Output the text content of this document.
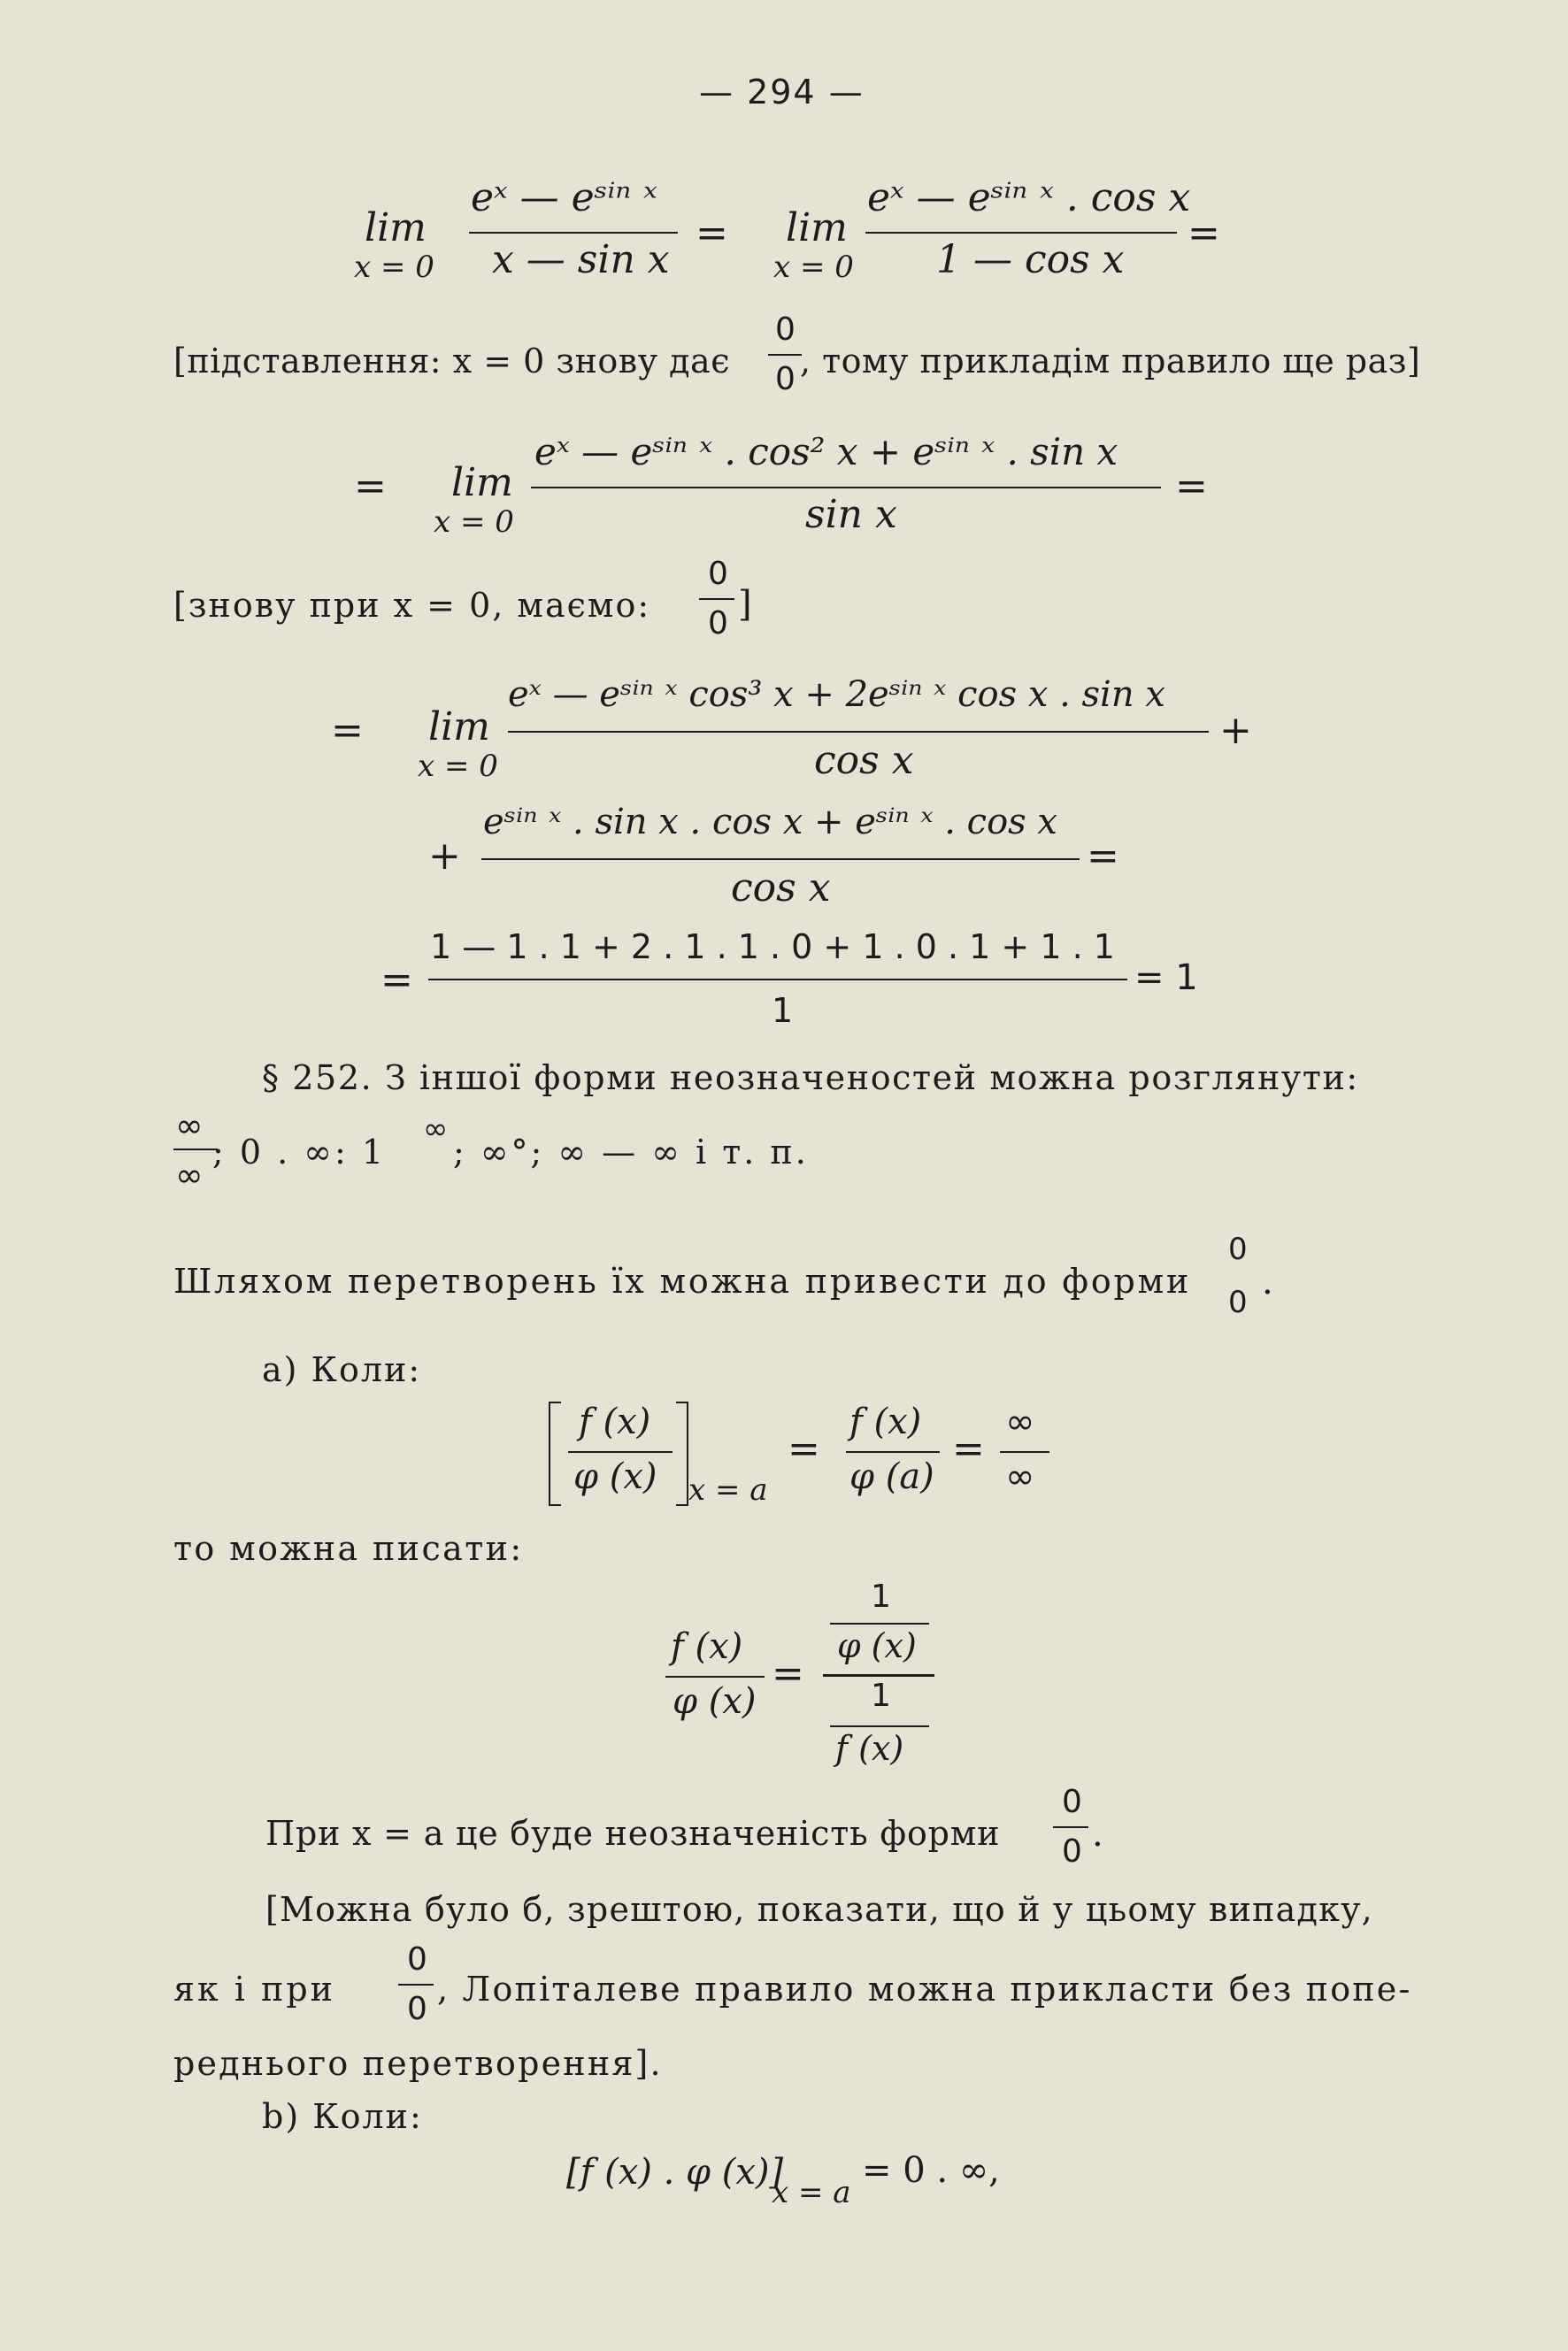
— 294 —
lim
x = 0
eˣ — eˢⁱⁿ ˣ
x — sin x
= lim
x = 0
eˣ — eˢⁱⁿ ˣ . cos x
1 — cos x
=
[підставлення: x = 0 знову дає
0
0 , тому прикладім правило ще раз]
= lim
x = 0
eˣ — eˢⁱⁿ ˣ . cos² x + eˢⁱⁿ ˣ . sin x
sin x
=
[знову при x = 0, маємо:
0
0 ]
= lim
x = 0
eˣ — eˢⁱⁿ ˣ cos³ x + 2eˢⁱⁿ ˣ cos x . sin x
cos x
+
+
eˢⁱⁿ ˣ . sin x . cos x + eˢⁱⁿ ˣ . cos x
cos x
=
=
1 — 1 . 1 + 2 . 1 . 1 . 0 + 1 . 0 . 1 + 1 . 1
1
= 1
§ 252. З іншої форми неозначеностей можна розглянути:
∞
∞
; 0 . ∞: 1
∞
; ∞°; ∞ — ∞ і т. п.
Шляхом перетворень їх можна привести до форми
0
0 .
а) Коли:
f (x)
φ (x) x = a
=
f (x)
φ (a)
=
∞
∞
то можна писати:
f (x)
φ (x)
=
1
φ (x)
1
f (x)
При x = a це буде неозначеність форми
0
0 .
[Можна було б, зрештою, показати, що й у цьому випадку,
як і при
0
0
, Лопіталеве правило можна прикласти без попе-
реднього перетворення].
b) Коли:
[f (x) . φ (x)]
x = a
= 0 . ∞,
